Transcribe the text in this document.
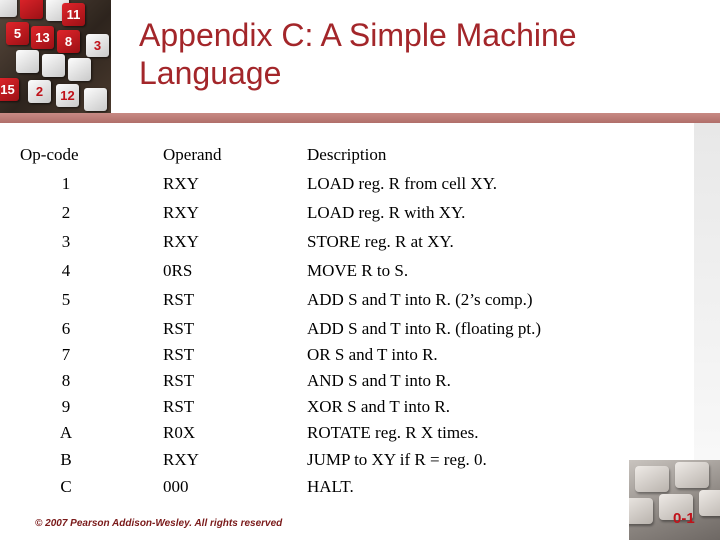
5	13	8
11
3
15	2	12
Appendix C: A Simple Machine
Language
Op-code	Operand	Description
1	RXY	LOAD reg. R from cell XY.
2	RXY	LOAD reg. R with XY.
3	RXY	STORE reg. R at XY.
4	0RS	MOVE R to S.
5	RST	ADD S and T into R. (2’s comp.)
6	RST	ADD S and T into R. (floating pt.)
7	RST	OR S and T into R.
8	RST	AND S and T into R.
9	RST	XOR S and T into R.
A	R0X	ROTATE reg. R X times.
B	RXY	JUMP to XY if R = reg. 0.
C	000	HALT.
© 2007 Pearson Addison-Wesley. All rights reserved	0-1
